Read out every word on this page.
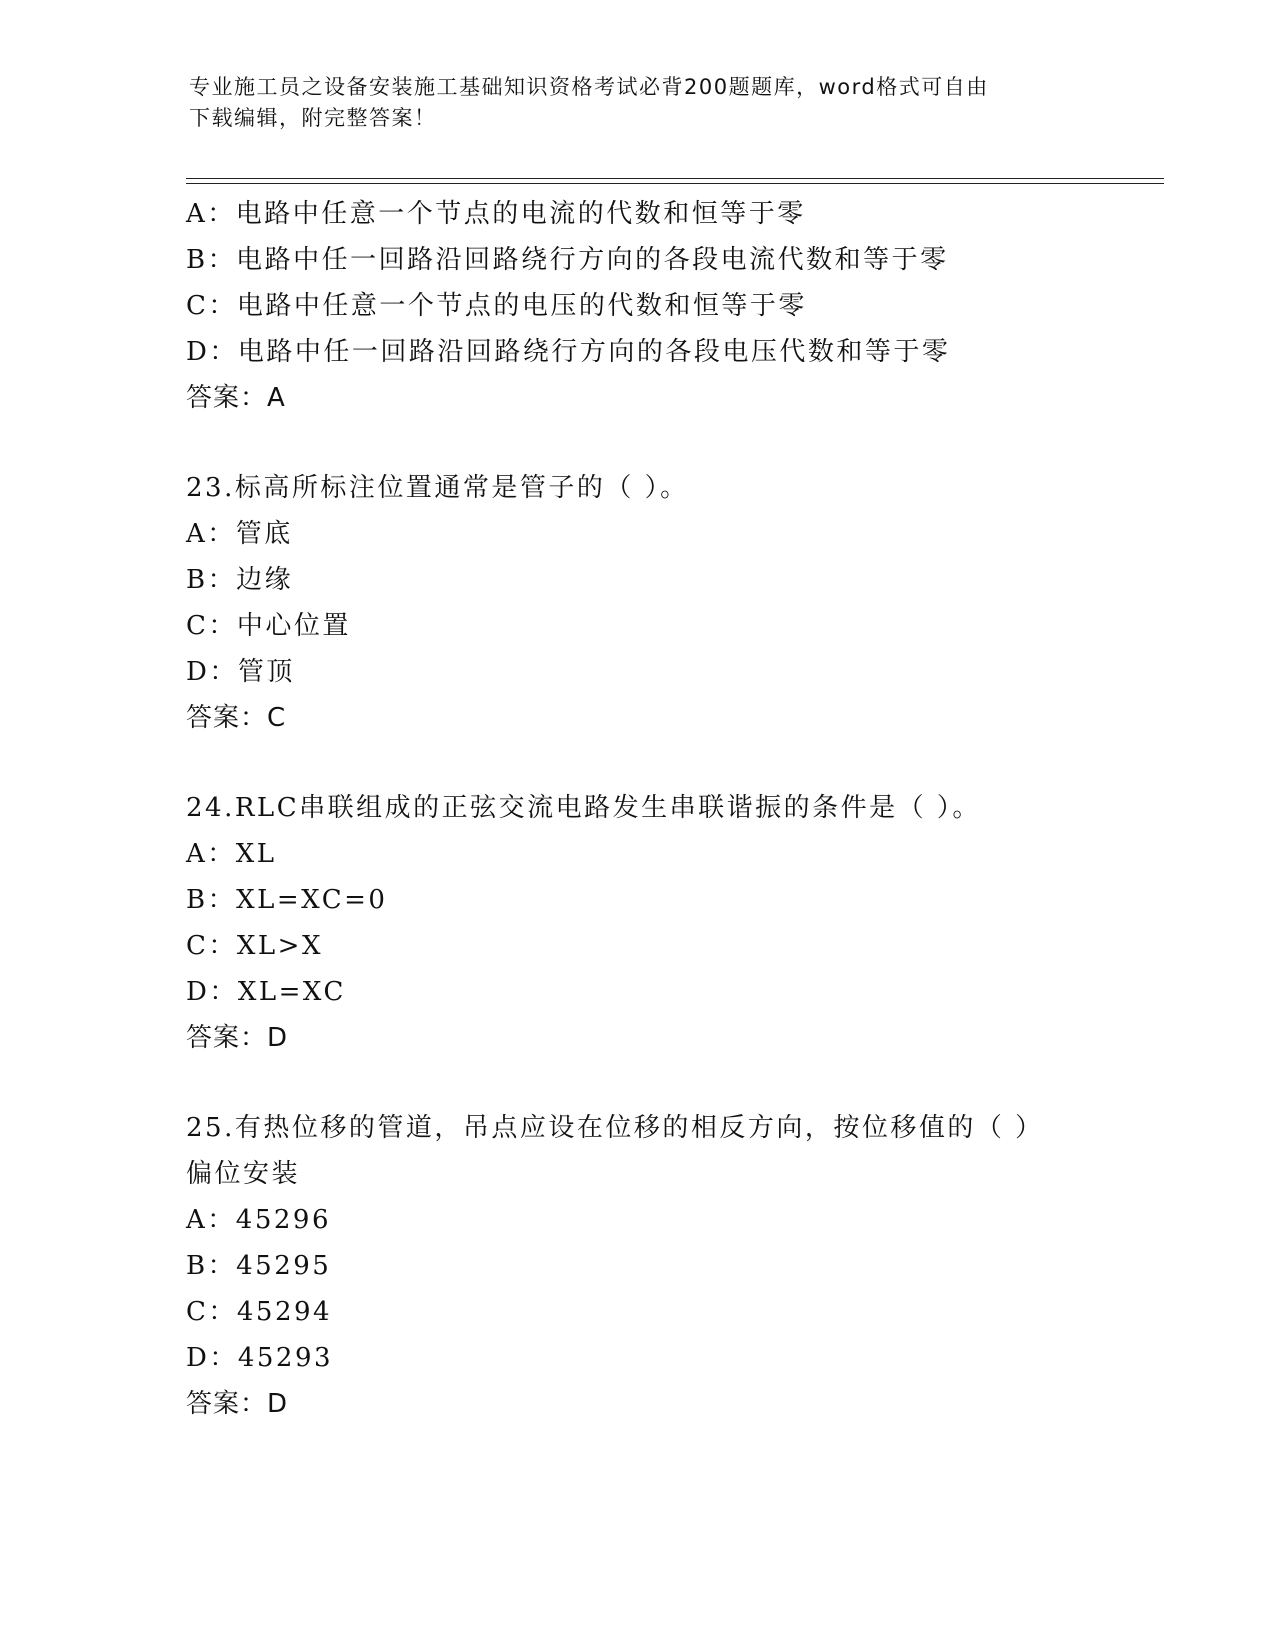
专业施工员之设备安装施工基础知识资格考试必背200题题库，word格式可自由
下载编辑，附完整答案！
A：电路中任意一个节点的电流的代数和恒等于零
B：电路中任一回路沿回路绕行方向的各段电流代数和等于零
C：电路中任意一个节点的电压的代数和恒等于零
D：电路中任一回路沿回路绕行方向的各段电压代数和等于零
答案：A
23.标高所标注位置通常是管子的（ ）。
A：管底
B：边缘
C：中心位置
D：管顶
答案：C
24.RLC串联组成的正弦交流电路发生串联谐振的条件是（ ）。
A：XL
B：XL=XC=0
C：XL>X
D：XL=XC
答案：D
25.有热位移的管道，吊点应设在位移的相反方向，按位移值的（ ）
偏位安装
A：45296
B：45295
C：45294
D：45293
答案：D
